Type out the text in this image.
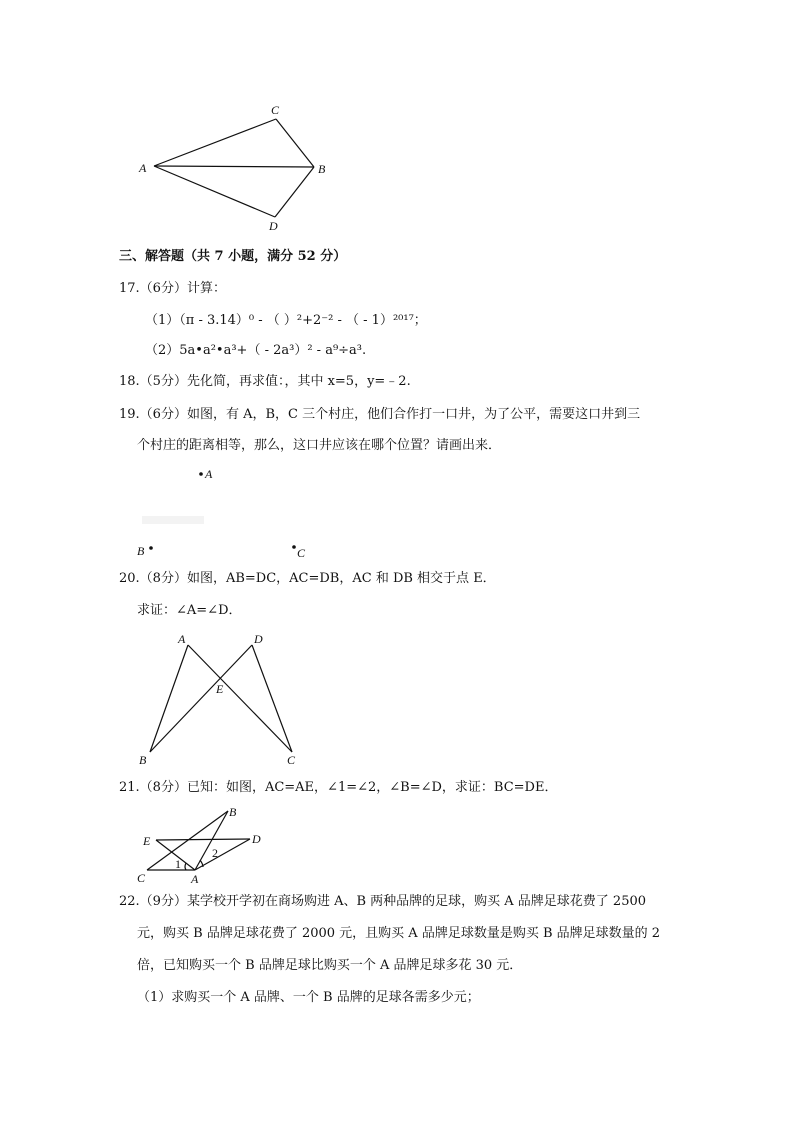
A
C
B
D
三、解答题（共 7 小题，满分 52 分）
17.（6分）计算：
（1）（π - 3.14）⁰ - （ ）²+2⁻² - （ - 1）²⁰¹⁷；
（2）5a•a²•a³+（ - 2a³）² - a⁹÷a³.
18.（5分）先化简，再求值：，其中 x=5，y=﹣2.
19.（6分）如图，有 A，B，C 三个村庄，他们合作打一口井，为了公平，需要这口井到三
个村庄的距离相等，那么，这口井应该在哪个位置？请画出来．
A
B	C
20.（8分）如图，AB=DC，AC=DB，AC 和 DB 相交于点 E．
求证：∠A=∠D．
A	D
E
B	C
21.（8分）已知：如图，AC=AE，∠1=∠2，∠B=∠D，求证：BC=DE．
B
E	D
C	A
1
2
22.（9分）某学校开学初在商场购进 A、B 两种品牌的足球，购买 A 品牌足球花费了 2500
元，购买 B 品牌足球花费了 2000 元，且购买 A 品牌足球数量是购买 B 品牌足球数量的 2
倍，已知购买一个 B 品牌足球比购买一个 A 品牌足球多花 30 元．
（1）求购买一个 A 品牌、一个 B 品牌的足球各需多少元；
